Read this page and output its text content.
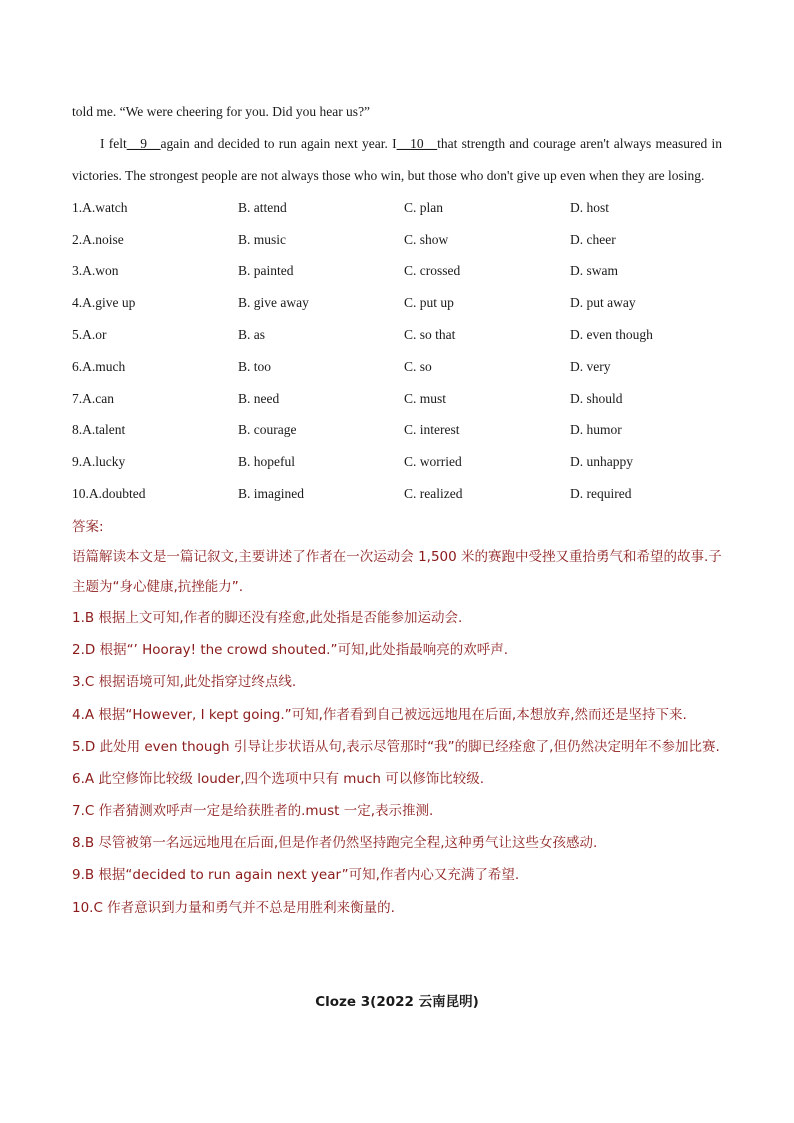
told me. “We were cheering for you. Did you hear us?”

I felt__9__again and decided to run again next year. I__10__that strength and courage aren't always measured in victories. The strongest people are not always those who win, but those who don't give up even when they are losing.

1.A.watch	B. attend	C. plan	D. host
2.A.noise	B. music	C. show	D. cheer
3.A.won	B. painted	C. crossed	D. swam
4.A.give up	B. give away	C. put up	D. put away
5.A.or	B. as	C. so that	D. even though
6.A.much	B. too	C. so	D. very
7.A.can	B. need	C. must	D. should
8.A.talent	B. courage	C. interest	D. humor
9.A.lucky	B. hopeful	C. worried	D. unhappy
10.A.doubted	B. imagined	C. realized	D. required
答案:

语篇解读本文是一篇记叙文,主要讲述了作者在一次运动会 1,500 米的赛跑中受挫又重拾勇气和希望的故事.子主题为“身心健康,抗挫能力”.

1.B 根据上文可知,作者的脚还没有痊愈,此处指是否能参加运动会.
2.D 根据“’ Hooray! the crowd shouted.”可知,此处指最响亮的欢呼声.
3.C 根据语境可知,此处指穿过终点线.
4.A 根据“However, I kept going.”可知,作者看到自己被远远地甩在后面,本想放弃,然而还是坚持下来.
5.D 此处用 even though 引导让步状语从句,表示尽管那时“我”的脚已经痊愈了,但仍然决定明年不参加比赛.
6.A 此空修饰比较级 louder,四个选项中只有 much 可以修饰比较级.
7.C 作者猜测欢呼声一定是给获胜者的.must 一定,表示推测.
8.B 尽管被第一名远远地甩在后面,但是作者仍然坚持跑完全程,这种勇气让这些女孩感动.
9.B 根据“decided to run again next year”可知,作者内心又充满了希望.
10.C 作者意识到力量和勇气并不总是用胜利来衡量的.
Cloze 3(2022 云南昆明)
